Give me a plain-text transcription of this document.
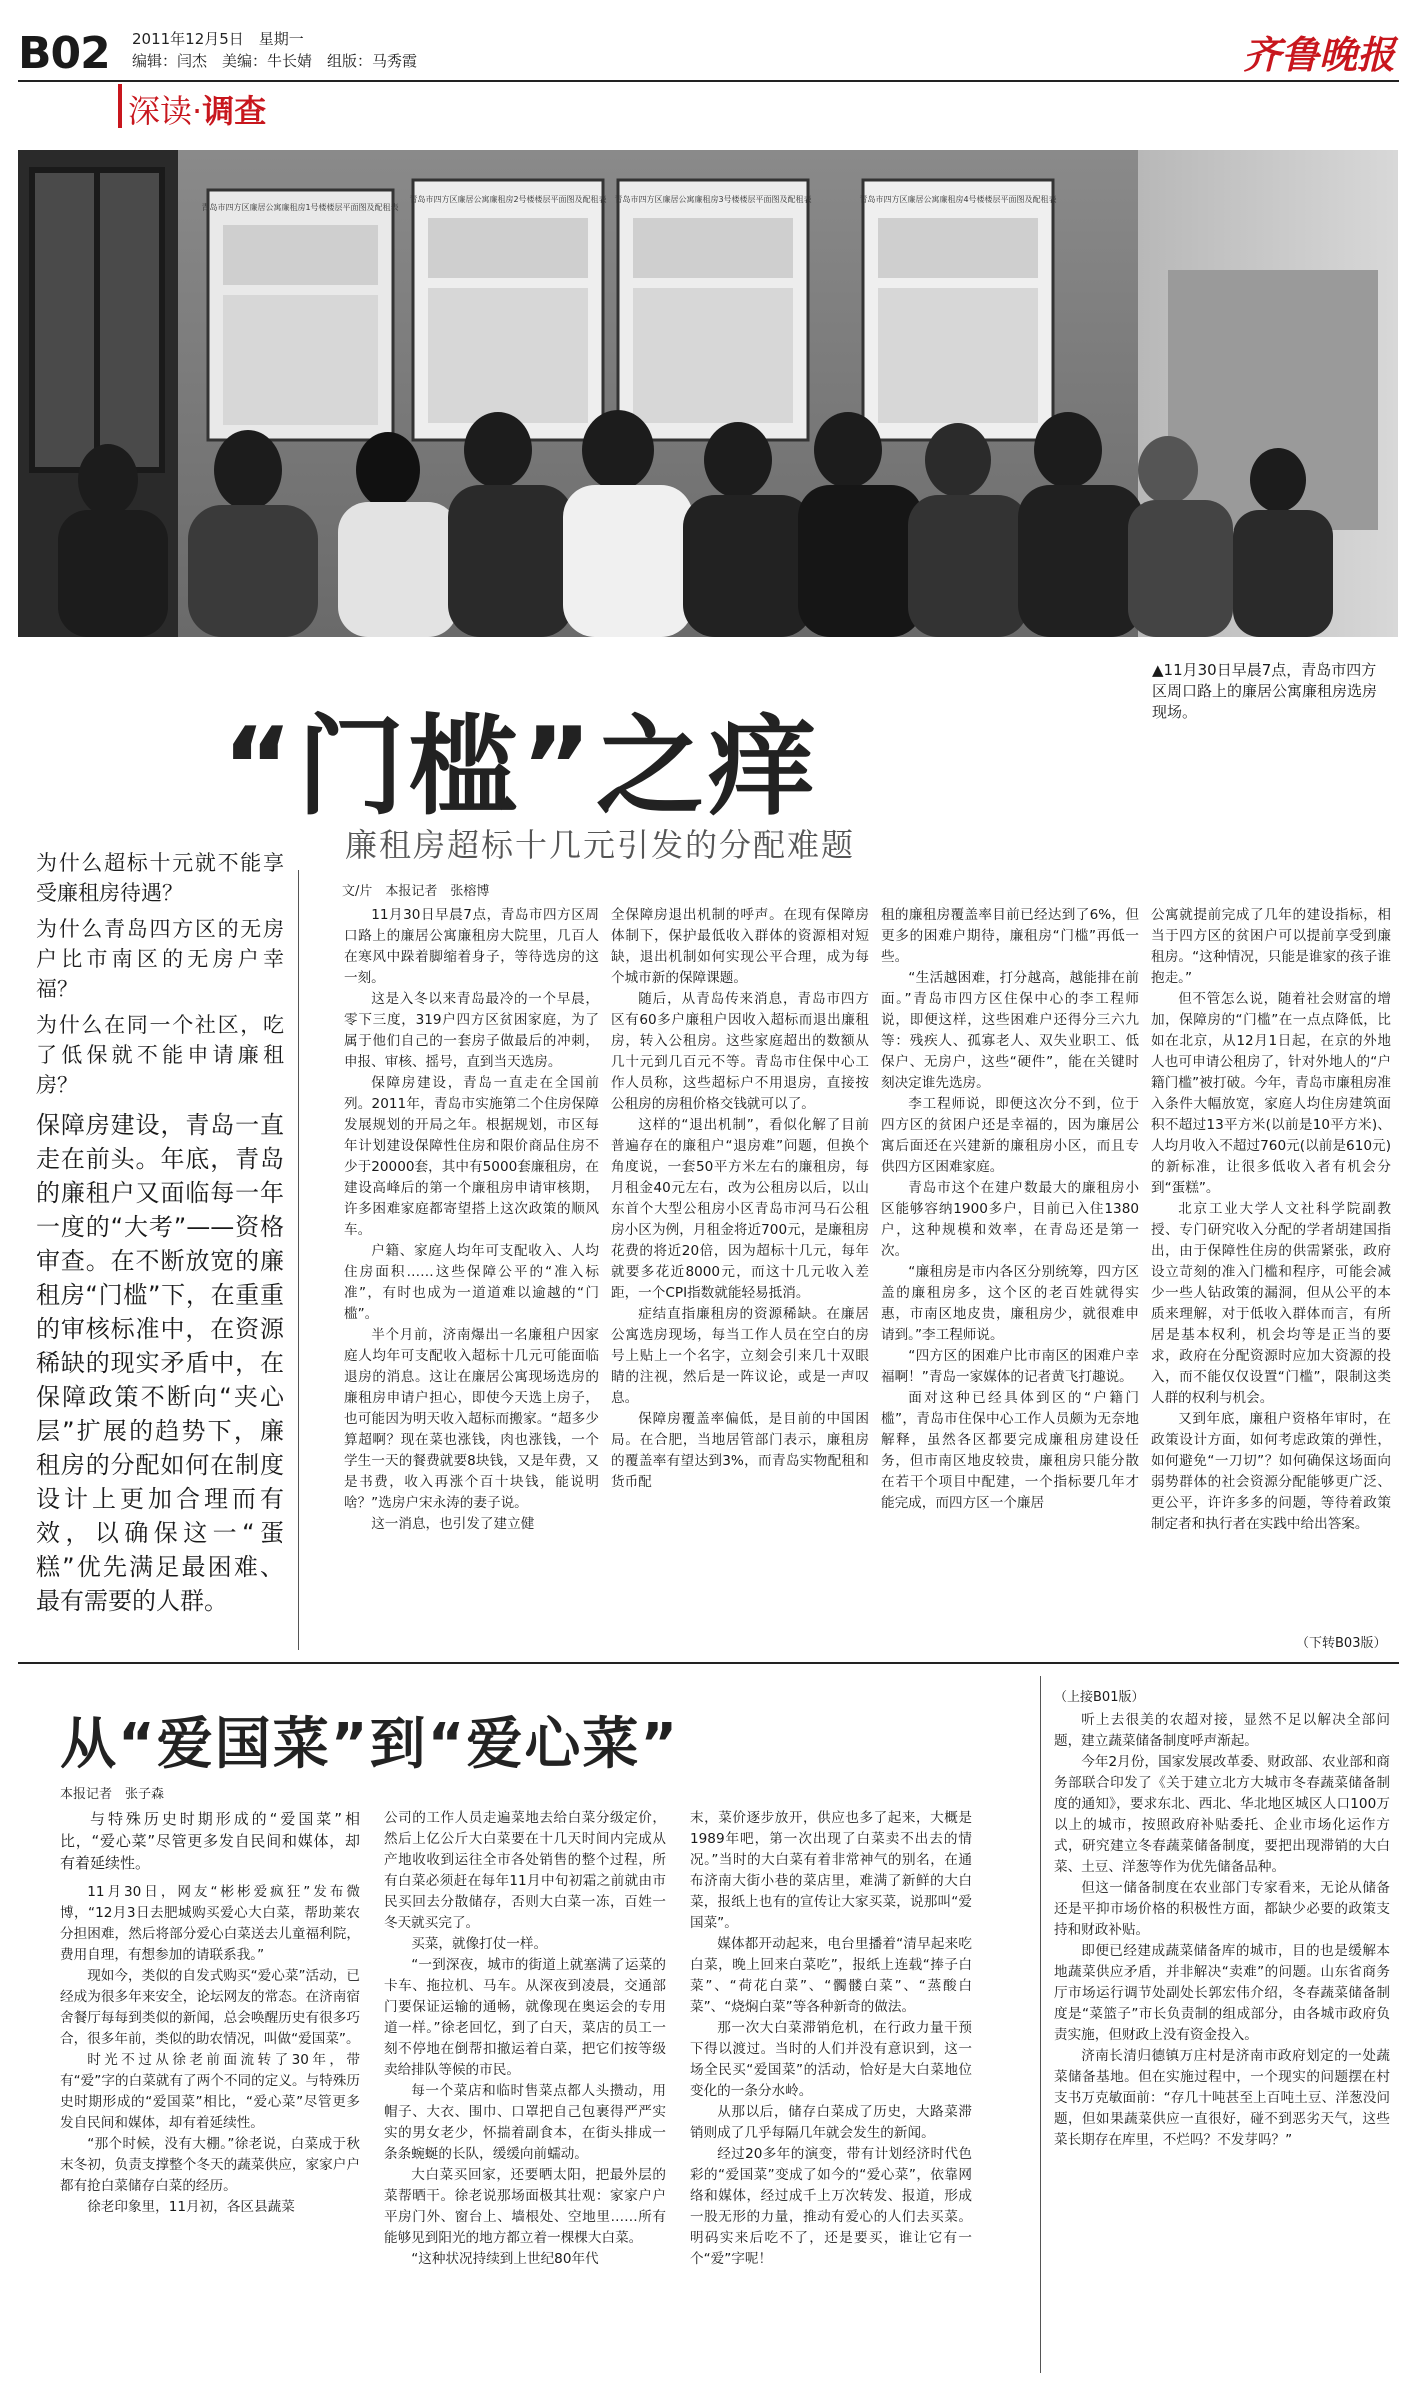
B02 2011年12月5日　星期一
编辑：闫杰　美编：牛长婧　组版：马秀霞	齐鲁晚报
深读·调查
青岛市四方区廉居公寓廉租房1号楼楼层平面图及配租表
青岛市四方区廉居公寓廉租房2号楼楼层平面图及配租表 青岛市四方区廉居公寓廉租房3号楼楼层平面图及配租表	青岛市四方区廉居公寓廉租房4号楼楼层平面图及配租表
▲11月30日早晨7点，青岛市四方区周口路上的廉居公寓廉租房选房现场。
“门槛”之痒
廉租房超标十几元引发的分配难题
文/片　本报记者　张榕博

为什么超标十元就不能享受廉租房待遇？

为什么青岛四方区的无房户比市南区的无房户幸福？

为什么在同一个社区，吃了低保就不能申请廉租房？

保障房建设，青岛一直走在前头。年底，青岛的廉租户又面临每一年一度的“大考”——资格审查。在不断放宽的廉租房“门槛”下，在重重的审核标准中，在资源稀缺的现实矛盾中，在保障政策不断向“夹心层”扩展的趋势下，廉租房的分配如何在制度设计上更加合理而有效，以确保这一“蛋糕”优先满足最困难、最有需要的人群。

11月30日早晨7点，青岛市四方区周口路上的廉居公寓廉租房大院里，几百人在寒风中跺着脚缩着身子，等待选房的这一刻。

这是入冬以来青岛最冷的一个早晨，零下三度，319户四方区贫困家庭，为了属于他们自己的一套房子做最后的冲刺，申报、审核、摇号，直到当天选房。

保障房建设，青岛一直走在全国前列。2011年，青岛市实施第二个住房保障发展规划的开局之年。根据规划，市区每年计划建设保障性住房和限价商品住房不少于20000套，其中有5000套廉租房，在建设高峰后的第一个廉租房申请审核期，许多困难家庭都寄望搭上这次政策的顺风车。

户籍、家庭人均年可支配收入、人均住房面积……这些保障公平的“准入标准”，有时也成为一道道难以逾越的“门槛”。

半个月前，济南爆出一名廉租户因家庭人均年可支配收入超标十几元可能面临退房的消息。这让在廉居公寓现场选房的廉租房申请户担心，即使今天选上房子，也可能因为明天收入超标而搬家。“超多少算超啊？现在菜也涨钱，肉也涨钱，一个学生一天的餐费就要8块钱，又是年费，又是书费，收入再涨个百十块钱，能说明啥？”选房户宋永涛的妻子说。

这一消息，也引发了建立健

全保障房退出机制的呼声。在现有保障房体制下，保护最低收入群体的资源相对短缺，退出机制如何实现公平合理，成为每个城市新的保障课题。

随后，从青岛传来消息，青岛市四方区有60多户廉租户因收入超标而退出廉租房，转入公租房。这些家庭超出的数额从几十元到几百元不等。青岛市住保中心工作人员称，这些超标户不用退房，直接按公租房的房租价格交钱就可以了。

这样的“退出机制”，看似化解了目前普遍存在的廉租户“退房难”问题，但换个角度说，一套50平方米左右的廉租房，每月租金40元左右，改为公租房以后，以山东首个大型公租房小区青岛市河马石公租房小区为例，月租金将近700元，是廉租房花费的将近20倍，因为超标十几元，每年就要多花近8000元，而这十几元收入差距，一个CPI指数就能轻易抵消。

症结直指廉租房的资源稀缺。在廉居公寓选房现场，每当工作人员在空白的房号上贴上一个名字，立刻会引来几十双眼睛的注视，然后是一阵议论，或是一声叹息。

保障房覆盖率偏低，是目前的中国困局。在合肥，当地居管部门表示，廉租房的覆盖率有望达到3%，而青岛实物配租和货币配

租的廉租房覆盖率目前已经达到了6%，但更多的困难户期待，廉租房“门槛”再低一些。

“生活越困难，打分越高，越能排在前面。”青岛市四方区住保中心的李工程师说，即便这样，这些困难户还得分三六九等：残疾人、孤寡老人、双失业职工、低保户、无房户，这些“硬件”，能在关键时刻决定谁先选房。

李工程师说，即便这次分不到，位于四方区的贫困户还是幸福的，因为廉居公寓后面还在兴建新的廉租房小区，而且专供四方区困难家庭。

青岛市这个在建户数最大的廉租房小区能够容纳1900多户，目前已入住1380户，这种规模和效率，在青岛还是第一次。

“廉租房是市内各区分别统筹，四方区盖的廉租房多，这个区的老百姓就得实惠，市南区地皮贵，廉租房少，就很难申请到。”李工程师说。

“四方区的困难户比市南区的困难户幸福啊！”青岛一家媒体的记者黄飞打趣说。

面对这种已经具体到区的“户籍门槛”，青岛市住保中心工作人员颇为无奈地解释，虽然各区都要完成廉租房建设任务，但市南区地皮较贵，廉租房只能分散在若干个项目中配建，一个指标要几年才能完成，而四方区一个廉居

公寓就提前完成了几年的建设指标，相当于四方区的贫困户可以提前享受到廉租房。“这种情况，只能是谁家的孩子谁抱走。”

但不管怎么说，随着社会财富的增加，保障房的“门槛”在一点点降低，比如在北京，从12月1日起，在京的外地人也可申请公租房了，针对外地人的“户籍门槛”被打破。今年，青岛市廉租房准入条件大幅放宽，家庭人均住房建筑面积不超过13平方米(以前是10平方米)、人均月收入不超过760元(以前是610元)的新标准，让很多低收入者有机会分到“蛋糕”。

北京工业大学人文社科学院副教授、专门研究收入分配的学者胡建国指出，由于保障性住房的供需紧张，政府设立苛刻的准入门槛和程序，可能会减少一些人钻政策的漏洞，但从公平的本质来理解，对于低收入群体而言，有所居是基本权利，机会均等是正当的要求，政府在分配资源时应加大资源的投入，而不能仅仅设置“门槛”，限制这类人群的权利与机会。

又到年底，廉租户资格年审时，在政策设计方面，如何考虑政策的弹性，如何避免“一刀切”？如何确保这场面向弱势群体的社会资源分配能够更广泛、更公平，许许多多的问题，等待着政策制定者和执行者在实践中给出答案。

（下转B03版）
从“爱国菜”到“爱心菜”
本报记者　张子森

与特殊历史时期形成的“爱国菜”相比，“爱心菜”尽管更多发自民间和媒体，却有着延续性。

11月30日，网友“彬彬爱疯狂”发布微博，“12月3日去肥城购买爱心大白菜，帮助莱农分担困难，然后将部分爱心白菜送去儿童福利院，费用自理，有想参加的请联系我。”

现如今，类似的自发式购买“爱心菜”活动，已经成为很多年来安全，论坛网友的常态。在济南宿舍餐厅每每到类似的新闻，总会唤醒历史有很多巧合，很多年前，类似的助农情况，叫做“爱国菜”。

时光不过从徐老前面流转了30年，带有“爱”字的白菜就有了两个不同的定义。与特殊历史时期形成的“爱国菜”相比，“爱心菜”尽管更多发自民间和媒体，却有着延续性。

“那个时候，没有大棚。”徐老说，白菜成于秋末冬初，负责支撑整个冬天的蔬菜供应，家家户户都有抢白菜储存白菜的经历。

徐老印象里，11月初，各区县蔬菜

公司的工作人员走遍菜地去给白菜分级定价，然后上亿公斤大白菜要在十几天时间内完成从产地收收到运往全市各处销售的整个过程，所有白菜必须赶在每年11月中旬初霜之前就由市民买回去分散储存，否则大白菜一冻，百姓一冬天就买完了。

买菜，就像打仗一样。

“一到深夜，城市的街道上就塞满了运菜的卡车、拖拉机、马车。从深夜到凌晨，交通部门要保证运输的通畅，就像现在奥运会的专用道一样。”徐老回忆，到了白天，菜店的员工一刻不停地在倒帮扣撤运着白菜，把它们按等级卖给排队等候的市民。

每一个菜店和临时售菜点都人头攒动，用帽子、大衣、围巾、口罩把自己包裹得严严实实的男女老少，怀揣着副食本，在街头排成一条条蜿蜒的长队，缓缓向前蠕动。

大白菜买回家，还要晒太阳，把最外层的菜帮晒干。徐老说那场面极其壮观：家家户户平房门外、窗台上、墙根处、空地里……所有能够见到阳光的地方都立着一棵棵大白菜。

“这种状况持续到上世纪80年代

末，菜价逐步放开，供应也多了起来，大概是1989年吧，第一次出现了白菜卖不出去的情况。”当时的大白菜有着非常神气的别名，在通布济南大街小巷的菜店里，难满了新鲜的大白菜，报纸上也有的宣传让大家买菜，说那叫“爱国菜”。

媒体都开动起来，电台里播着“清早起来吃白菜，晚上回来白菜吃”，报纸上连载“捧子白菜”、“荷花白菜”、“髑髅白菜”、“蒸酸白菜”、“烧焖白菜”等各种新奇的做法。

那一次大白菜滞销危机，在行政力量干预下得以渡过。当时的人们并没有意识到，这一场全民买“爱国菜”的活动，恰好是大白菜地位变化的一条分水岭。

从那以后，储存白菜成了历史，大路菜滞销则成了几乎每隔几年就会发生的新闻。

经过20多年的演变，带有计划经济时代色彩的“爱国菜”变成了如今的“爱心菜”，依靠网络和媒体，经过成千上万次转发、报道，形成一股无形的力量，推动有爱心的人们去买菜。明码实来后吃不了，还是要买，谁让它有一个“爱”字呢！

（上接B01版）

听上去很美的农超对接，显然不足以解决全部问题，建立蔬菜储备制度呼声渐起。

今年2月份，国家发展改革委、财政部、农业部和商务部联合印发了《关于建立北方大城市冬春蔬菜储备制度的通知》，要求东北、西北、华北地区城区人口100万以上的城市，按照政府补贴委托、企业市场化运作方式，研究建立冬春蔬菜储备制度，要把出现滞销的大白菜、土豆、洋葱等作为优先储备品种。

但这一储备制度在农业部门专家看来，无论从储备还是平抑市场价格的积极性方面，都缺少必要的政策支持和财政补贴。

即便已经建成蔬菜储备库的城市，目的也是缓解本地蔬菜供应矛盾，并非解决“卖难”的问题。山东省商务厅市场运行调节处副处长郭宏伟介绍，冬春蔬菜储备制度是“菜篮子”市长负责制的组成部分，由各城市政府负责实施，但财政上没有资金投入。

济南长清归德镇万庄村是济南市政府划定的一处蔬菜储备基地。但在实施过程中，一个现实的问题摆在村支书万克敏面前：“存几十吨甚至上百吨土豆、洋葱没问题，但如果蔬菜供应一直很好，碰不到恶劣天气，这些菜长期存在库里，不烂吗？不发芽吗？”
